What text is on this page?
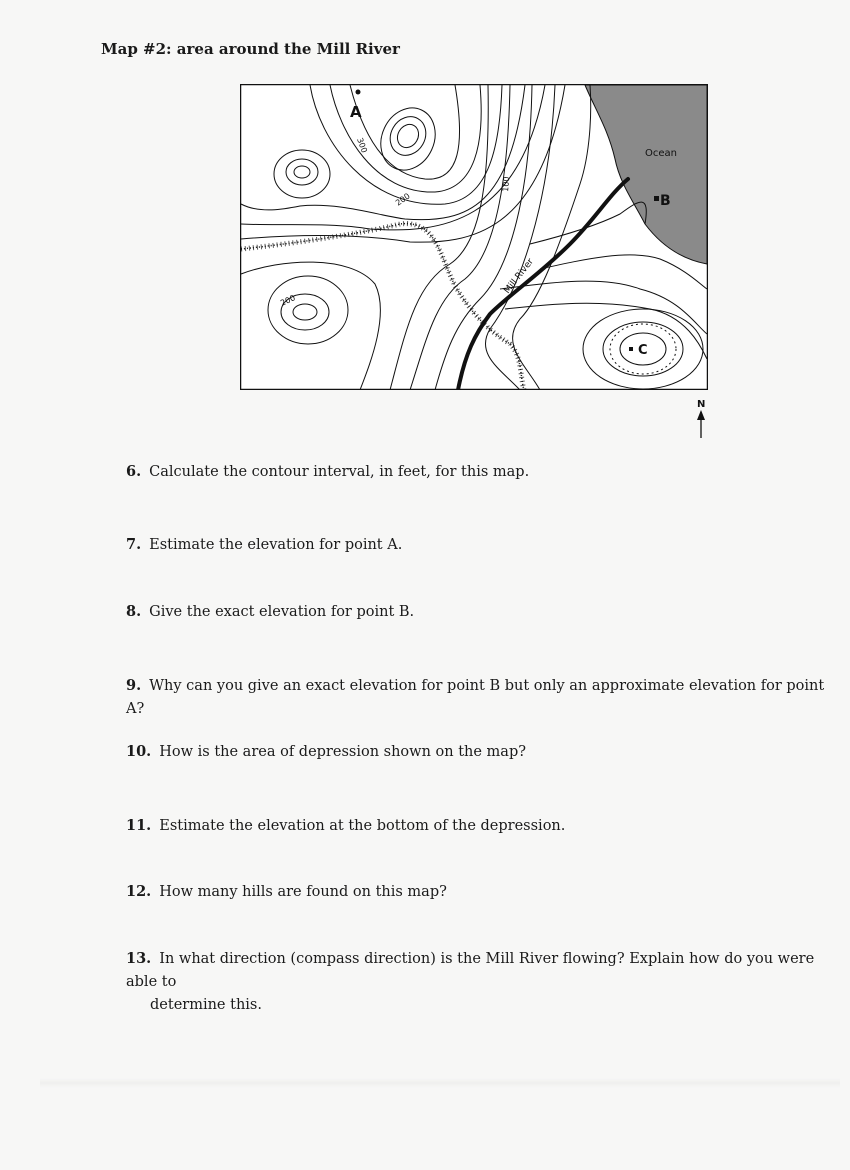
Map #2: area around the Mill River
Ocean
Mill River
300
200
100
200
A
B
C
N
6. Calculate the contour interval, in feet, for this map.
7. Estimate the elevation for point A.
8. Give the exact elevation for point B.
9. Why can you give an exact elevation for point B but only an approximate elevation for point A?
10. How is the area of depression shown on the map?
11. Estimate the elevation at the bottom of the depression.
12. How many hills are found on this map?
13. In what direction (compass direction) is the Mill River flowing? Explain how do you were able to
determine this.
